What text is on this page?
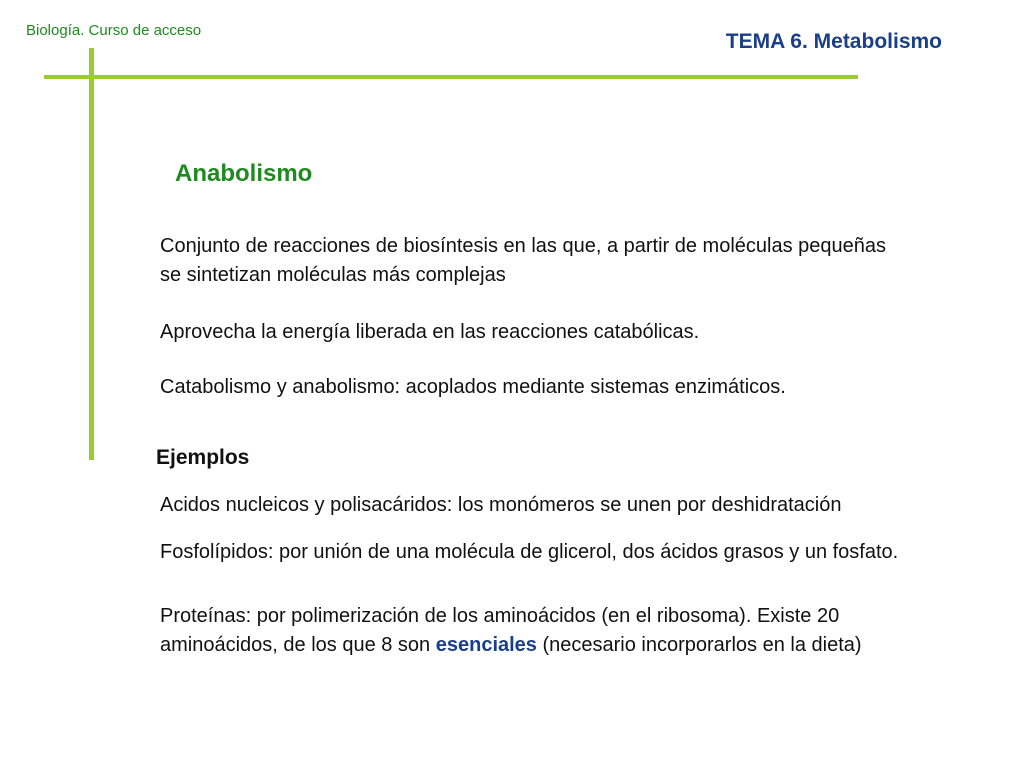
Biología. Curso de acceso	TEMA 6. Metabolismo
Anabolismo
Conjunto de reacciones de biosíntesis en las que, a partir de moléculas pequeñas se sintetizan moléculas más complejas
Aprovecha la energía liberada en las reacciones catabólicas.
Catabolismo y anabolismo: acoplados mediante sistemas enzimáticos.
Ejemplos
Acidos nucleicos y polisacáridos: los monómeros se unen por deshidratación
Fosfolípidos: por unión de una molécula de glicerol, dos ácidos grasos y un fosfato.
Proteínas: por polimerización de los aminoácidos (en el ribosoma). Existe 20 aminoácidos, de los que 8 son esenciales (necesario incorporarlos en la dieta)
